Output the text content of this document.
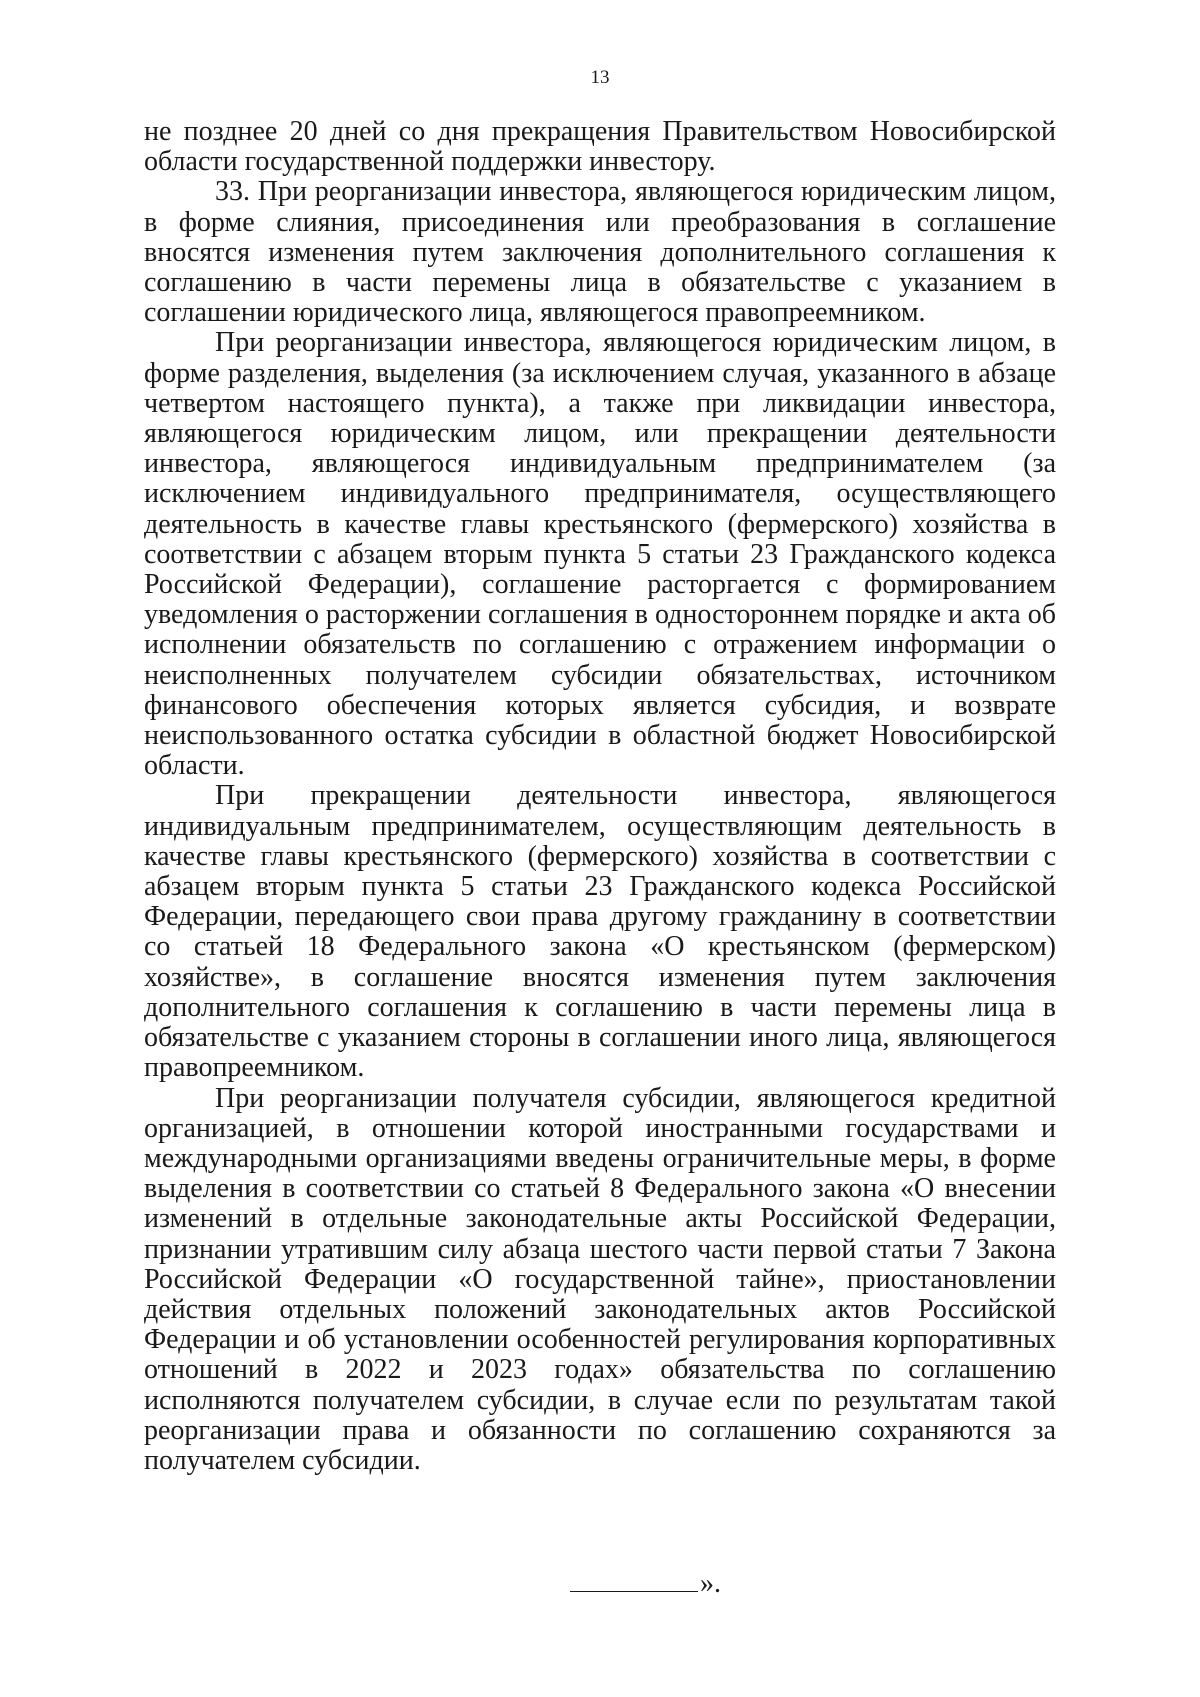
13

не позднее 20 дней со дня прекращения Правительством Новосибирской области государственной поддержки инвестору.

33. При реорганизации инвестора, являющегося юридическим лицом, в форме слияния, присоединения или преобразования в соглашение вносятся изменения путем заключения дополнительного соглашения к соглашению в части перемены лица в обязательстве с указанием в соглашении юридического лица, являющегося правопреемником.

При реорганизации инвестора, являющегося юридическим лицом, в форме разделения, выделения (за исключением случая, указанного в абзаце четвертом настоящего пункта), а также при ликвидации инвестора, являющегося юридическим лицом, или прекращении деятельности инвестора, являющегося индивидуальным предпринимателем (за исключением индивидуального предпринимателя, осуществляющего деятельность в качестве главы крестьянского (фермерского) хозяйства в соответствии с абзацем вторым пункта 5 статьи 23 Гражданского кодекса Российской Федерации), соглашение расторгается с формированием уведомления о расторжении соглашения в одностороннем порядке и акта об исполнении обязательств по соглашению с отражением информации о неисполненных получателем субсидии обязательствах, источником финансового обеспечения которых является субсидия, и возврате неиспользованного остатка субсидии в областной бюджет Новосибирской области.

При прекращении деятельности инвестора, являющегося индивидуальным предпринимателем, осуществляющим деятельность в качестве главы крестьянского (фермерского) хозяйства в соответствии с абзацем вторым пункта 5 статьи 23 Гражданского кодекса Российской Федерации, передающего свои права другому гражданину в соответствии со статьей 18 Федерального закона «О крестьянском (фермерском) хозяйстве», в соглашение вносятся изменения путем заключения дополнительного соглашения к соглашению в части перемены лица в обязательстве с указанием стороны в соглашении иного лица, являющегося правопреемником.

При реорганизации получателя субсидии, являющегося кредитной организацией, в отношении которой иностранными государствами и международными организациями введены ограничительные меры, в форме выделения в соответствии со статьей 8 Федерального закона «О внесении изменений в отдельные законодательные акты Российской Федерации, признании утратившим силу абзаца шестого части первой статьи 7 Закона Российской Федерации «О государственной тайне», приостановлении действия отдельных положений законодательных актов Российской Федерации и об установлении особенностей регулирования корпоративных отношений в 2022 и 2023 годах» обязательства по соглашению исполняются получателем субсидии, в случае если по результатам такой реорганизации права и обязанности по соглашению сохраняются за получателем субсидии.

».
